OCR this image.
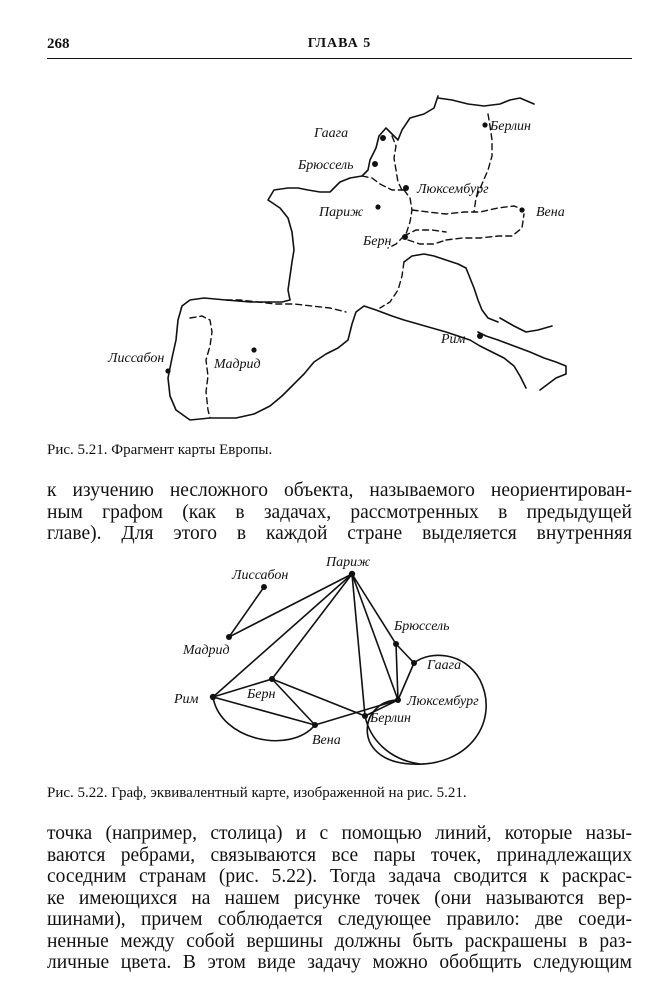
268	ГЛАВА 5
Гаага	Берлин
Брюссель
Люксембург
Париж	Вена
Берн
Рим
Лиссабон	Мадрид
Рис. 5.21. Фрагмент карты Европы.
к изучению несложного объекта, называемого неориентирован-
ным графом (как в задачах, рассмотренных в предыдущей
главе). Для этого в каждой стране выделяется внутренняя
Париж
Лиссабон
Брюссель
Мадрид
Гаага
Рим	Берн	Люксембург
Берлин
Вена
Рис. 5.22. Граф, эквивалентный карте, изображенной на рис. 5.21.
точка (например, столица) и с помощью линий, которые назы-
ваются ребрами, связываются все пары точек, принадлежащих
соседним странам (рис. 5.22). Тогда задача сводится к раскрас-
ке имеющихся на нашем рисунке точек (они называются вер-
шинами), причем соблюдается следующее правило: две соеди-
ненные между собой вершины должны быть раскрашены в раз-
личные цвета. В этом виде задачу можно обобщить следующим
